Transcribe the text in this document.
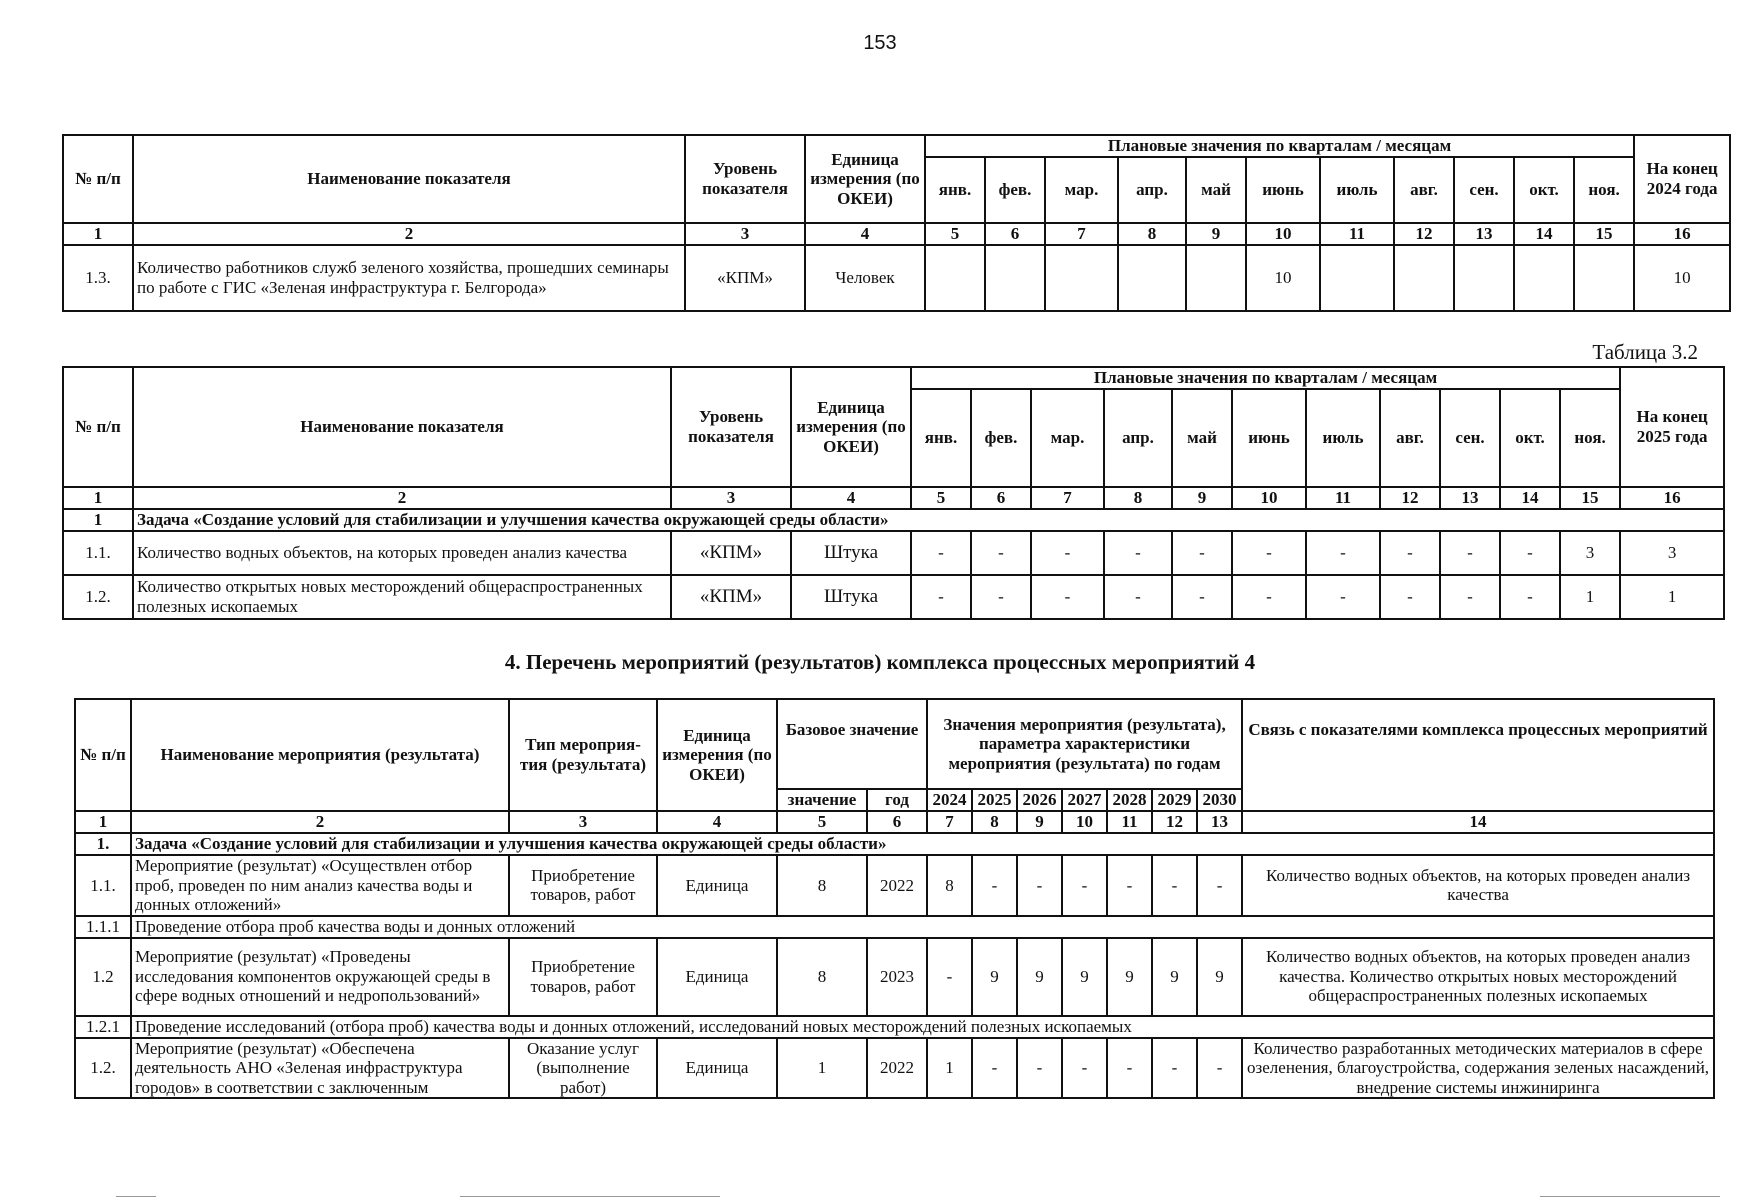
153
№ п/п	Наименование показателя	Уровень показателя	Единица измерения (по ОКЕИ)	Плановые значения по кварталам / месяцам											На конец 2024 года
				янв.	фев.	мар.	апр.	май	июнь	июль	авг.	сен.	окт.	ноя.	
1	2	3	4	5	6	7	8	9	10	11	12	13	14	15	16
1.3.	Количество работников служб зеленого хозяйства, прошедших семинары по работе с ГИС «Зеленая инфраструктура г. Белгорода»	«КПМ»	Человек						10						10
Таблица 3.2
№ п/п	Наименование показателя	Уровень показателя	Единица измерения (по ОКЕИ)	Плановые значения по кварталам / месяцам											На конец 2025 года
				янв.	фев.	мар.	апр.	май	июнь	июль	авг.	сен.	окт.	ноя.	
1	2	3	4	5	6	7	8	9	10	11	12	13	14	15	16
1	Задача «Создание условий для стабилизации и улучшения качества окружающей среды области»														
1.1.	Количество водных объектов, на которых проведен анализ качества	«КПМ»	Штука	-	-	-	-	-	-	-	-	-	-	3	3
1.2.	Количество открытых новых месторождений общераспространенных полезных ископаемых	«КПМ»	Штука	-	-	-	-	-	-	-	-	-	-	1	1
4. Перечень мероприятий (результатов) комплекса процессных мероприятий 4
№ п/п	Наименование мероприятия (результата)	Тип мероприя-тия (результата)	Единица измерения (по ОКЕИ)	Базовое значение		Значения мероприятия (результата), параметра характеристики мероприятия (результата) по годам							Связь с показателями комплекса процессных мероприятий
				значение	год	2024	2025	2026	2027	2028	2029	2030	
1	2	3	4	5	6	7	8	9	10	11	12	13	14
1.	Задача «Создание условий для стабилизации и улучшения качества окружающей среды области»												
1.1.	Мероприятие (результат) «Осуществлен отбор проб, проведен по ним анализ качества воды и донных отложений»	Приобретение товаров, работ	Единица	8	2022	8	-	-	-	-	-	-	Количество водных объектов, на которых проведен анализ качества
1.1.1	Проведение отбора проб качества воды и донных отложений												
1.2	Мероприятие (результат) «Проведены исследования компонентов окружающей среды в сфере водных отношений и недропользований»	Приобретение товаров, работ	Единица	8	2023	-	9	9	9	9	9	9	Количество водных объектов, на которых проведен анализ качества. Количество открытых новых месторождений общераспространенных полезных ископаемых
1.2.1	Проведение исследований (отбора проб) качества воды и донных отложений, исследований новых месторождений полезных ископаемых												
1.2.	Мероприятие (результат) «Обеспечена деятельность АНО «Зеленая инфраструктура городов» в соответствии с заключенным	Оказание услуг (выполнение работ)	Единица	1	2022	1	-	-	-	-	-	-	Количество разработанных методических материалов в сфере озеленения, благоустройства, содержания зеленых насаждений, внедрение системы инжиниринга
